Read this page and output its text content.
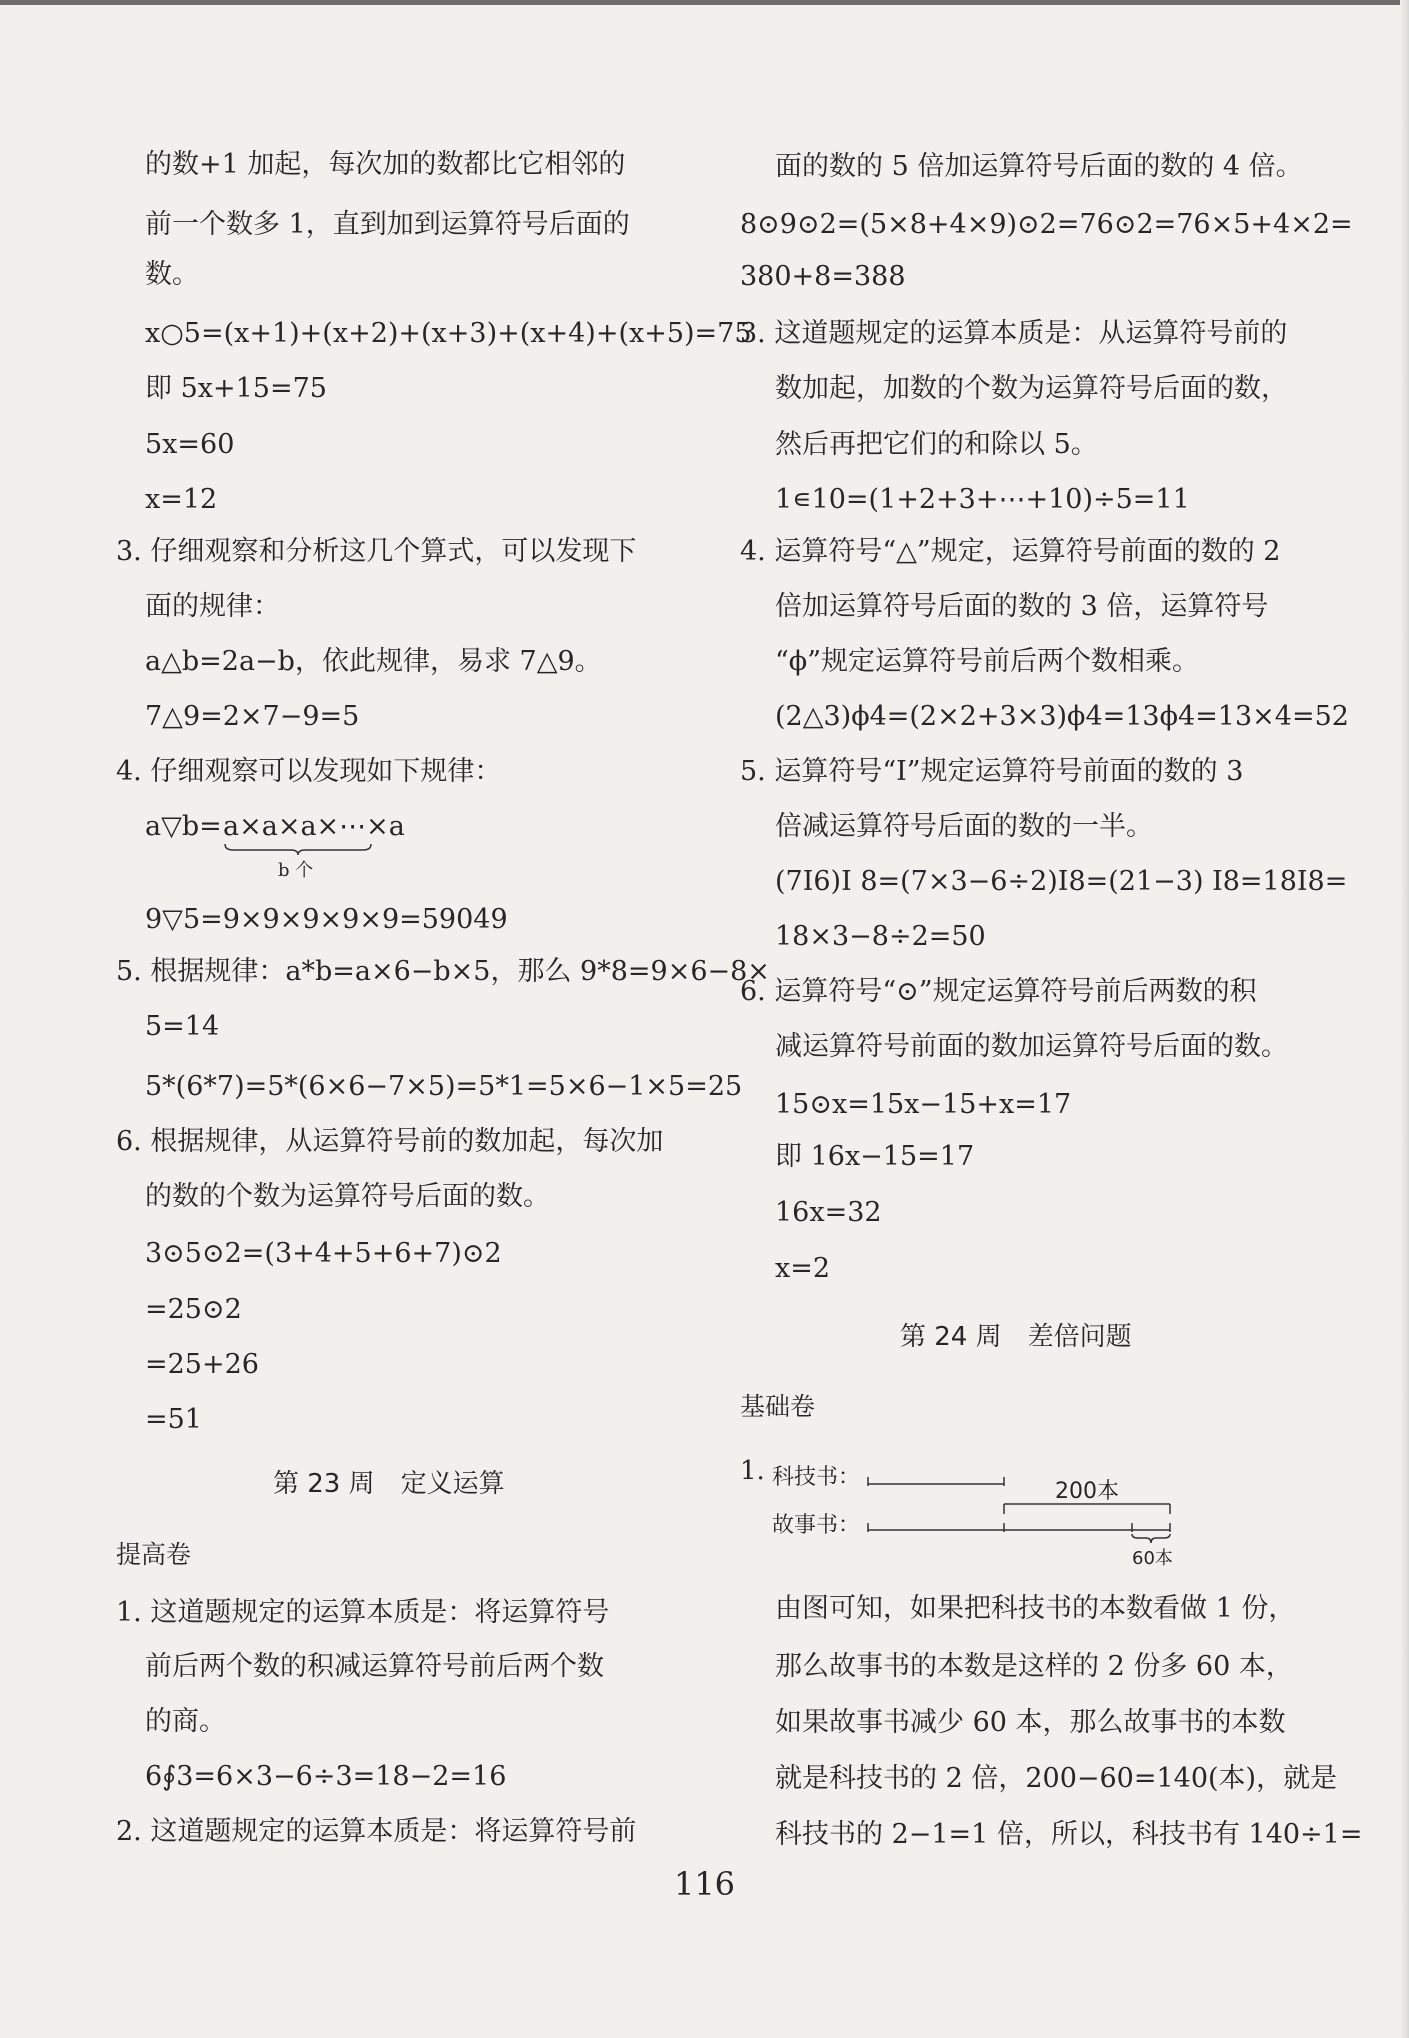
的数+1 加起，每次加的数都比它相邻的
前一个数多 1，直到加到运算符号后面的
数。
x○5=(x+1)+(x+2)+(x+3)+(x+4)+(x+5)=75
即 5x+15=75
5x=60
x=12
3. 仔细观察和分析这几个算式，可以发现下
面的规律：
a△b=2a−b，依此规律，易求 7△9。
7△9=2×7−9=5
4. 仔细观察可以发现如下规律：
a▽b= a×a×a×⋯×a
b 个
9▽5=9×9×9×9×9=59049
5. 根据规律：a*b=a×6−b×5，那么 9*8=9×6−8×
5=14
5*(6*7)=5*(6×6−7×5)=5*1=5×6−1×5=25
6. 根据规律，从运算符号前的数加起，每次加
的数的个数为运算符号后面的数。
3⊙5⊙2=(3+4+5+6+7)⊙2
=25⊙2
=25+26
=51
第 23 周　定义运算
提高卷
1. 这道题规定的运算本质是：将运算符号
前后两个数的积减运算符号前后两个数
的商。
6∮3=6×3−6÷3=18−2=16
2. 这道题规定的运算本质是：将运算符号前
面的数的 5 倍加运算符号后面的数的 4 倍。
8⊙9⊙2=(5×8+4×9)⊙2=76⊙2=76×5+4×2=
380+8=388
3. 这道题规定的运算本质是：从运算符号前的
数加起，加数的个数为运算符号后面的数，
然后再把它们的和除以 5。
1∊10=(1+2+3+⋯+10)÷5=11
4. 运算符号“△”规定，运算符号前面的数的 2
倍加运算符号后面的数的 3 倍，运算符号
“ϕ”规定运算符号前后两个数相乘。
(2△3)ϕ4=(2×2+3×3)ϕ4=13ϕ4=13×4=52
5. 运算符号“I”规定运算符号前面的数的 3
倍减运算符号后面的数的一半。
(7I6)I 8=(7×3−6÷2)I8=(21−3) I8=18I8=
18×3−8÷2=50
6. 运算符号“⊙”规定运算符号前后两数的积
减运算符号前面的数加运算符号后面的数。
15⊙x=15x−15+x=17
即 16x−15=17
16x=32
x=2
第 24 周　差倍问题
基础卷
1. 科技书：
故事书：
200本
60本
由图可知，如果把科技书的本数看做 1 份，
那么故事书的本数是这样的 2 份多 60 本，
如果故事书减少 60 本，那么故事书的本数
就是科技书的 2 倍，200−60=140(本)，就是
科技书的 2−1=1 倍，所以，科技书有 140÷1=
116
